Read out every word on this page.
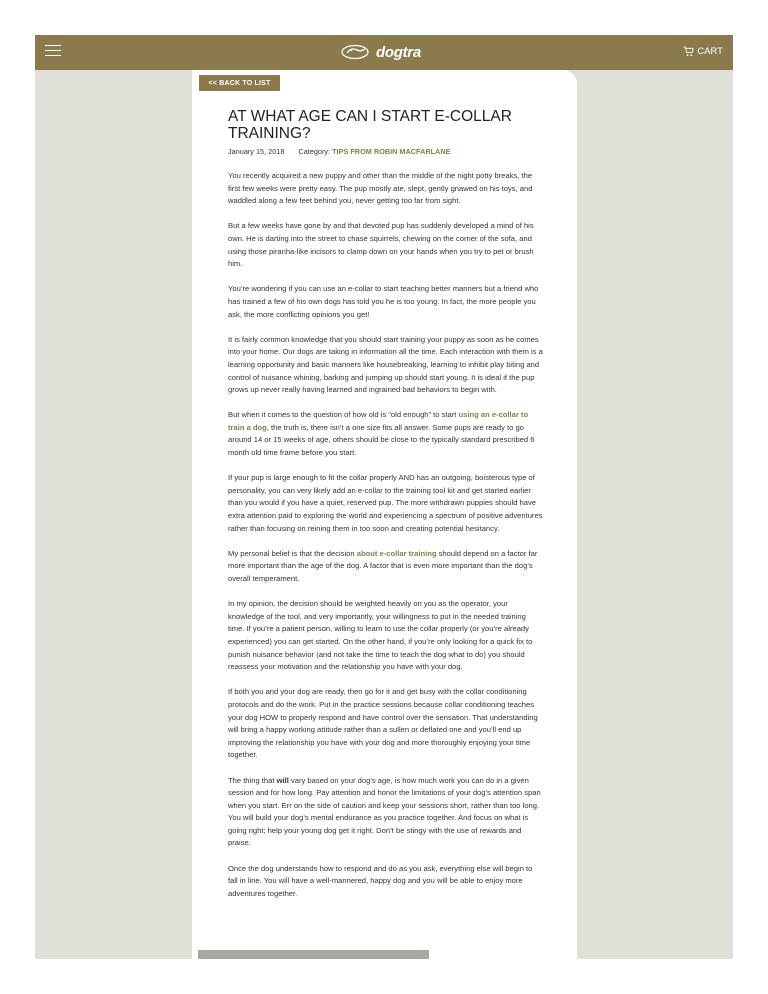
dogtra	CART
<< BACK TO LIST
AT WHAT AGE CAN I START E-COLLAR TRAINING?
January 15, 2018 Category: TIPS FROM ROBIN MACFARLANE

You recently acquired a new puppy and other than the middle of the night potty breaks, the first few weeks were pretty easy. The pup mostly ate, slept, gently gnawed on his toys, and waddled along a few feet behind you, never getting too far from sight.

But a few weeks have gone by and that devoted pup has suddenly developed a mind of his own. He is darting into the street to chase squirrels, chewing on the corner of the sofa, and using those piranha-like incisors to clamp down on your hands when you try to pet or brush him.

You’re wondering if you can use an e-collar to start teaching better manners but a friend who has trained a few of his own dogs has told you he is too young. In fact, the more people you ask, the more conflicting opinions you get!

It is fairly common knowledge that you should start training your puppy as soon as he comes into your home. Our dogs are taking in information all the time. Each interaction with them is a learning opportunity and basic manners like housebreaking, learning to inhibit play biting and control of nuisance whining, barking and jumping up should start young. It is ideal if the pup grows up never really having learned and ingrained bad behaviors to begin with.

But when it comes to the question of how old is “old enough” to start using an e-collar to train a dog, the truth is, there isn’t a one size fits all answer. Some pups are ready to go around 14 or 15 weeks of age, others should be close to the typically standard prescribed 6 month old time frame before you start.

If your pup is large enough to fit the collar properly AND has an outgoing, boisterous type of personality, you can very likely add an e-collar to the training tool kit and get started earlier than you would if you have a quiet, reserved pup. The more withdrawn puppies should have extra attention paid to exploring the world and experiencing a spectrum of positive adventures rather than focusing on reining them in too soon and creating potential hesitancy.

My personal belief is that the decision about e-collar training should depend on a factor far more important than the age of the dog. A factor that is even more important than the dog’s overall temperament.

In my opinion, the decision should be weighted heavily on you as the operator, your knowledge of the tool, and very importantly, your willingness to put in the needed training time. If you’re a patient person, willing to learn to use the collar properly (or you’re already experienced) you can get started. On the other hand, if you’re only looking for a quick fix to punish nuisance behavior (and not take the time to teach the dog what to do) you should reassess your motivation and the relationship you have with your dog.

If both you and your dog are ready, then go for it and get busy with the collar conditioning protocols and do the work. Put in the practice sessions because collar conditioning teaches your dog HOW to properly respond and have control over the sensation. That understanding will bring a happy working attitude rather than a sullen or deflated one and you’ll end up improving the relationship you have with your dog and more thoroughly enjoying your time together.

The thing that will vary based on your dog’s age, is how much work you can do in a given session and for how long. Pay attention and honor the limitations of your dog’s attention span when you start. Err on the side of caution and keep your sessions short, rather than too long. You will build your dog’s mental endurance as you practice together. And focus on what is going right; help your young dog get it right. Don’t be stingy with the use of rewards and praise.

Once the dog understands how to respond and do as you ask, everything else will begin to fall in line. You will have a well-mannered, happy dog and you will be able to enjoy more adventures together.
